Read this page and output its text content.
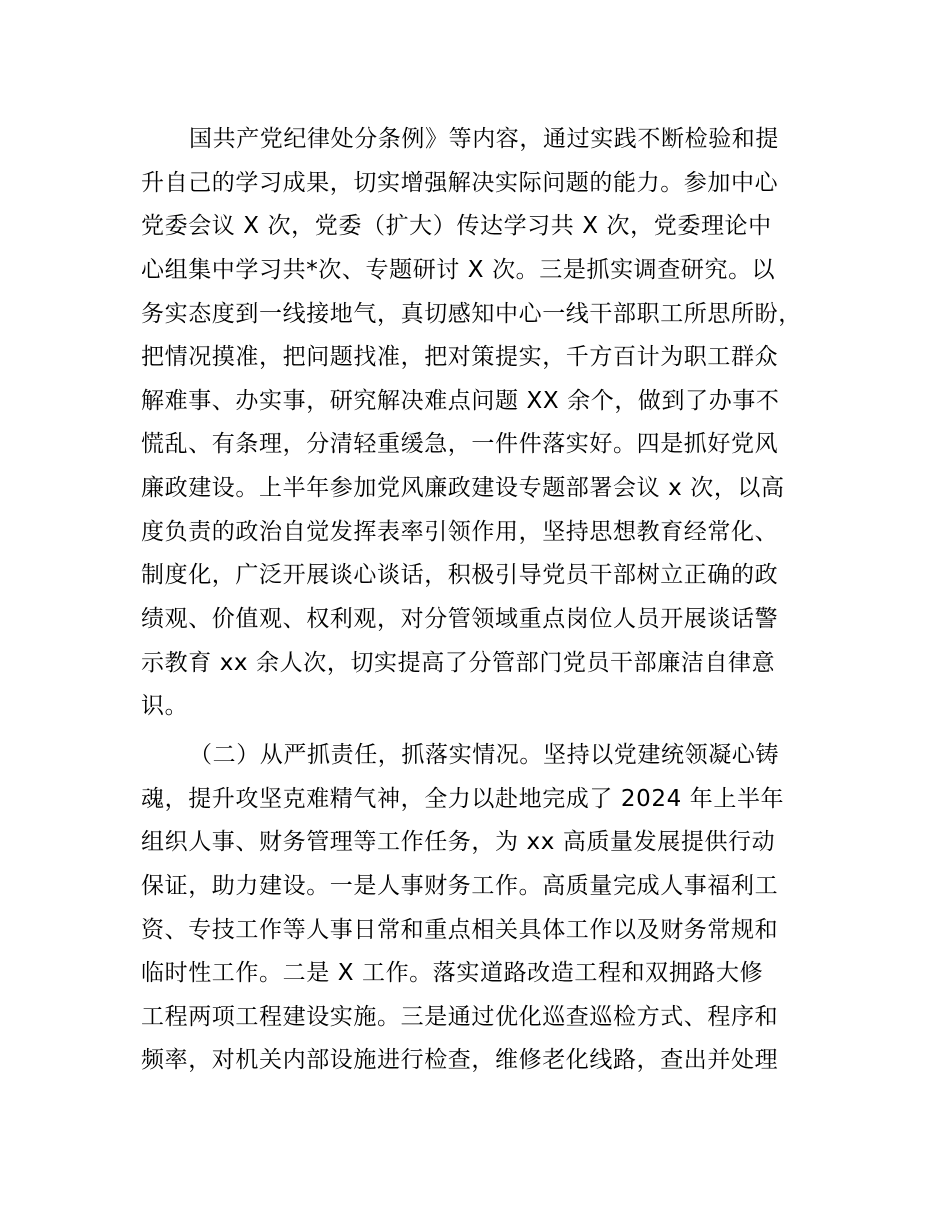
国共产党纪律处分条例》等内容，通过实践不断检验和提
升自己的学习成果，切实增强解决实际问题的能力。参加中心
党委会议 X 次，党委（扩大）传达学习共 X 次，党委理论中
心组集中学习共*次、专题研讨 X 次。三是抓实调查研究。以
务实态度到一线接地气，真切感知中心一线干部职工所思所盼，
把情况摸准，把问题找准，把对策提实，千方百计为职工群众
解难事、办实事，研究解决难点问题 XX 余个，做到了办事不
慌乱、有条理，分清轻重缓急，一件件落实好。四是抓好党风
廉政建设。上半年参加党风廉政建设专题部署会议 x 次，以高
度负责的政治自觉发挥表率引领作用，坚持思想教育经常化、
制度化，广泛开展谈心谈话，积极引导党员干部树立正确的政
绩观、价值观、权利观，对分管领域重点岗位人员开展谈话警
示教育 xx 余人次，切实提高了分管部门党员干部廉洁自律意
识。
（二）从严抓责任，抓落实情况。坚持以党建统领凝心铸
魂，提升攻坚克难精气神，全力以赴地完成了 2024 年上半年
组织人事、财务管理等工作任务，为 xx 高质量发展提供行动
保证，助力建设。一是人事财务工作。高质量完成人事福利工
资、专技工作等人事日常和重点相关具体工作以及财务常规和
临时性工作。二是 X 工作。落实道路改造工程和双拥路大修
工程两项工程建设实施。三是通过优化巡查巡检方式、程序和
频率，对机关内部设施进行检查，维修老化线路，查出并处理
